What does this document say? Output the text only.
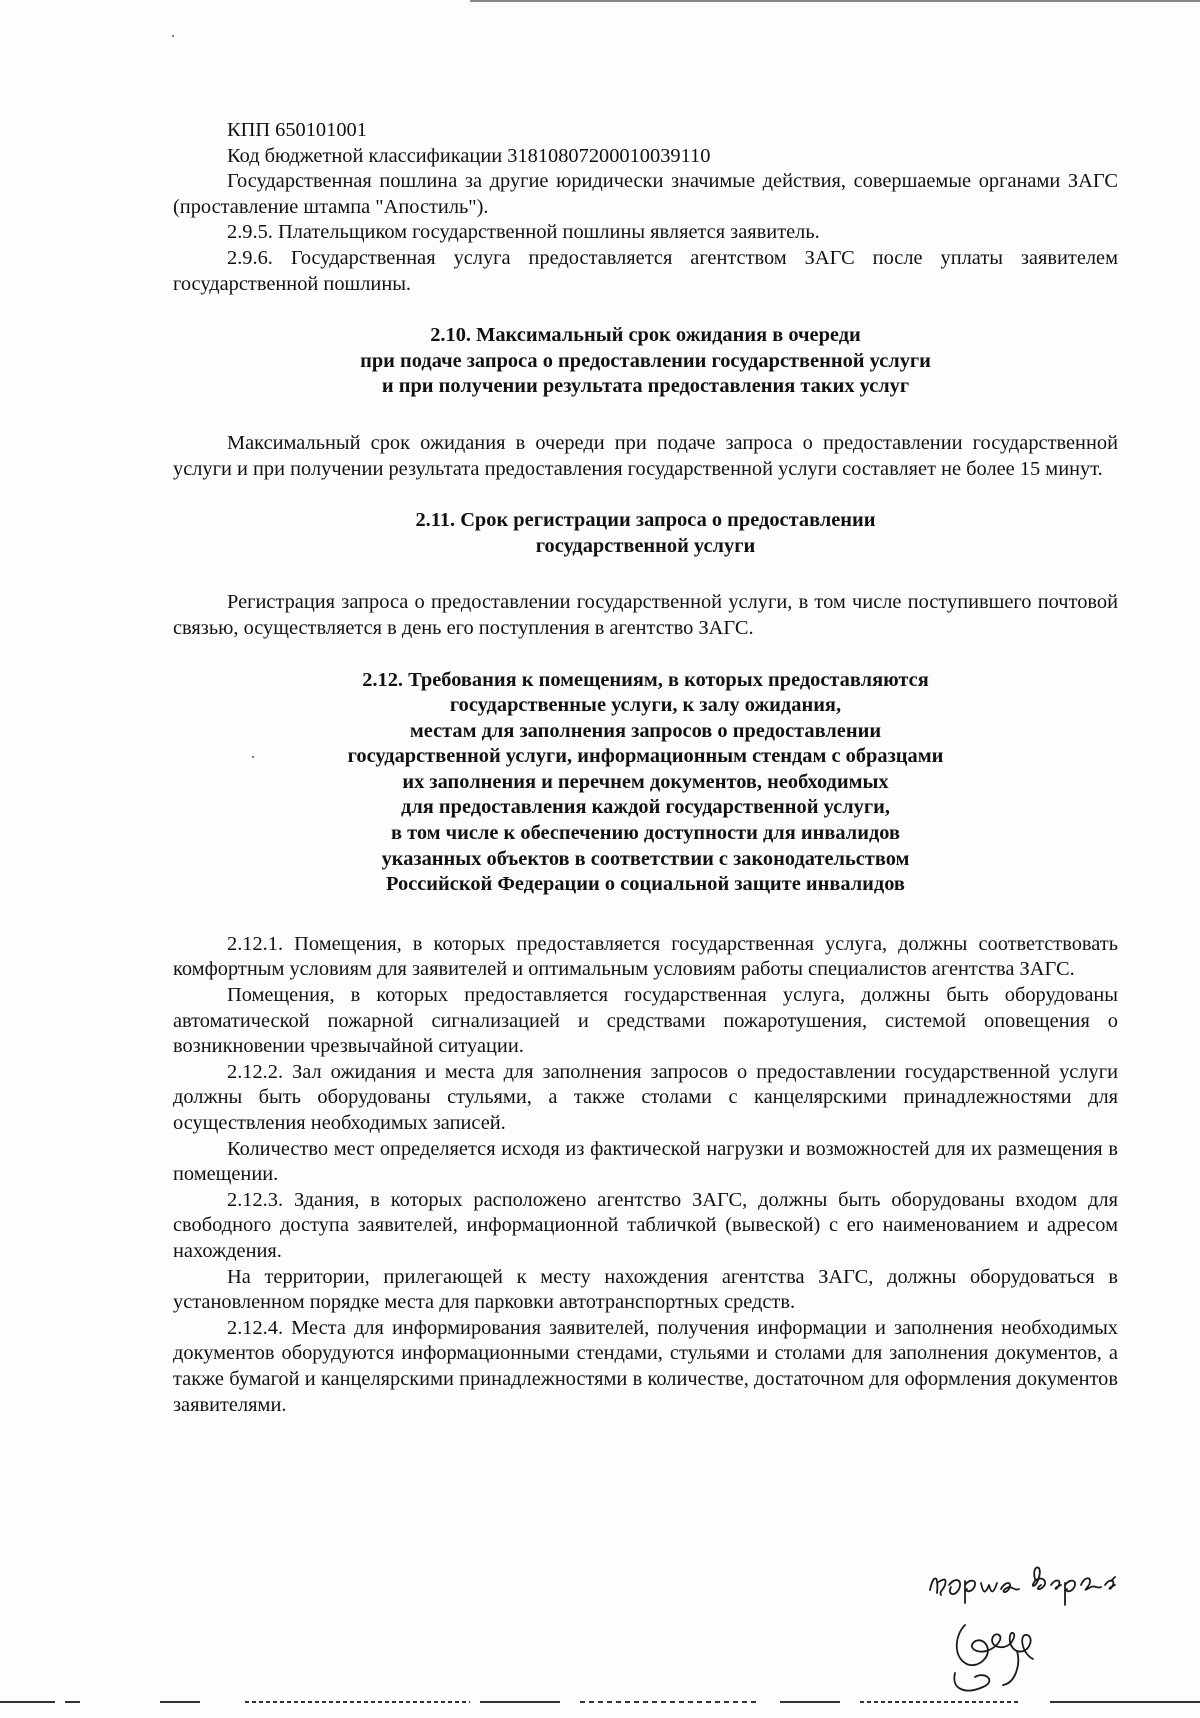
КПП 650101001

Код бюджетной классификации 31810807200010039110

Государственная пошлина за другие юридически значимые действия, совершаемые органами ЗАГС (проставление штампа "Апостиль").

2.9.5. Плательщиком государственной пошлины является заявитель.

2.9.6. Государственная услуга предоставляется агентством ЗАГС после уплаты заявителем государственной пошлины.

2.10. Максимальный срок ожидания в очереди
при подаче запроса о предоставлении государственной услуги
и при получении результата предоставления таких услуг

Максимальный срок ожидания в очереди при подаче запроса о предоставлении государственной услуги и при получении результата предоставления государственной услуги составляет не более 15 минут.

2.11. Срок регистрации запроса о предоставлении
государственной услуги

Регистрация запроса о предоставлении государственной услуги, в том числе поступившего почтовой связью, осуществляется в день его поступления в агентство ЗАГС.

2.12. Требования к помещениям, в которых предоставляются
государственные услуги, к залу ожидания,
местам для заполнения запросов о предоставлении
государственной услуги, информационным стендам с образцами
их заполнения и перечнем документов, необходимых
для предоставления каждой государственной услуги,
в том числе к обеспечению доступности для инвалидов
указанных объектов в соответствии с законодательством
Российской Федерации о социальной защите инвалидов

2.12.1. Помещения, в которых предоставляется государственная услуга, должны соответствовать комфортным условиям для заявителей и оптимальным условиям работы специалистов агентства ЗАГС.

Помещения, в которых предоставляется государственная услуга, должны быть оборудованы автоматической пожарной сигнализацией и средствами пожаротушения, системой оповещения о возникновении чрезвычайной ситуации.

2.12.2. Зал ожидания и места для заполнения запросов о предоставлении государственной услуги должны быть оборудованы стульями, а также столами с канцелярскими принадлежностями для осуществления необходимых записей.

Количество мест определяется исходя из фактической нагрузки и возможностей для их размещения в помещении.

2.12.3. Здания, в которых расположено агентство ЗАГС, должны быть оборудованы входом для свободного доступа заявителей, информационной табличкой (вывеской) с его наименованием и адресом нахождения.

На территории, прилегающей к месту нахождения агентства ЗАГС, должны оборудоваться в установленном порядке места для парковки автотранспортных средств.

2.12.4. Места для информирования заявителей, получения информации и заполнения необходимых документов оборудуются информационными стендами, стульями и столами для заполнения документов, а также бумагой и канцелярскими принадлежностями в количестве, достаточном для оформления документов заявителями.
